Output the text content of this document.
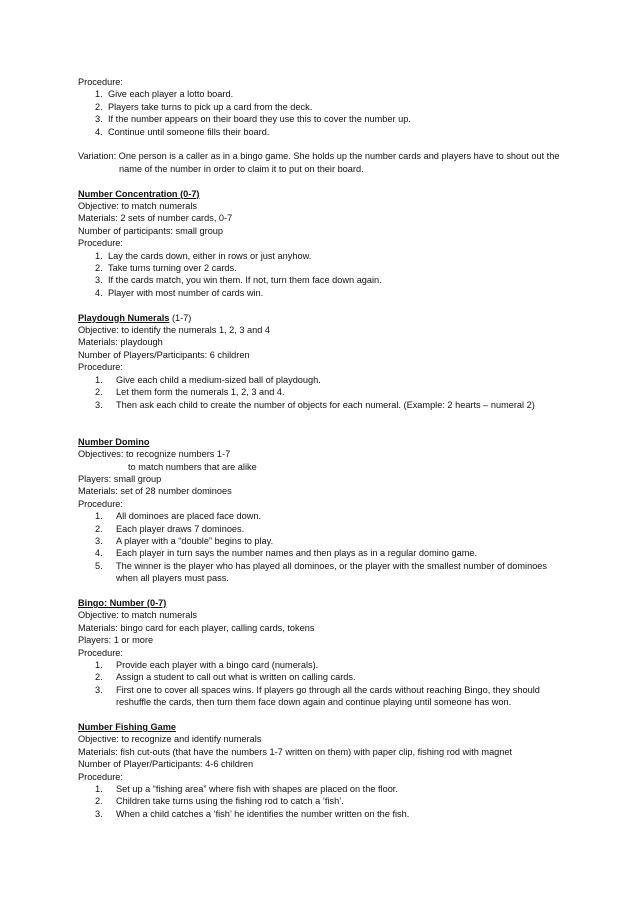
Procedure:

1. Give each player a lotto board.
2. Players take turns to pick up a card from the deck.
3. If the number appears on their board they use this to cover the number up.
4. Continue until someone fills their board.

Variation: One person is a caller as in a bingo game. She holds up the number cards and players have to shout out the

name of the number in order to claim it to put on their board.

Number Concentration (0-7)

Objective: to match numerals

Materials: 2 sets of number cards, 0-7

Number of participants: small group

Procedure:

1. Lay the cards down, either in rows or just anyhow.
2. Take turns turning over 2 cards.
3. If the cards match, you win them. If not, turn them face down again.
4. Player with most number of cards win.

Playdough Numerals (1-7)

Objective: to identify the numerals 1, 2, 3 and 4

Materials: playdough

Number of Players/Participants: 6 children

Procedure:

1. Give each child a medium-sized ball of playdough.
2. Let them form the numerals 1, 2, 3 and 4.
3. Then ask each child to create the number of objects for each numeral. (Example: 2 hearts – numeral 2)

Number Domino

Objectives: to recognize numbers 1-7

to match numbers that are alike

Players: small group

Materials: set of 28 number dominoes

Procedure:

1. All dominoes are placed face down.
2. Each player draws 7 dominoes.
3. A player with a “double” begins to play.
4. Each player in turn says the number names and then plays as in a regular domino game.
5. The winner is the player who has played all dominoes, or the player with the smallest number of dominoes when all players must pass.

Bingo: Number (0-7)

Objective: to match numerals

Materials: bingo card for each player, calling cards, tokens

Players: 1 or more

Procedure:

1. Provide each player with a bingo card (numerals).
2. Assign a student to call out what is written on calling cards.
3. First one to cover all spaces wins. If players go through all the cards without reaching Bingo, they should reshuffle the cards, then turn them face down again and continue playing until someone has won.

Number Fishing Game

Objective: to recognize and identify numerals

Materials: fish cut-outs (that have the numbers 1-7 written on them) with paper clip, fishing rod with magnet

Number of Player/Participants: 4-6 children

Procedure:

1. Set up a “fishing area” where fish with shapes are placed on the floor.
2. Children take turns using the fishing rod to catch a ‘fish’.
3. When a child catches a ‘fish’ he identifies the number written on the fish.
